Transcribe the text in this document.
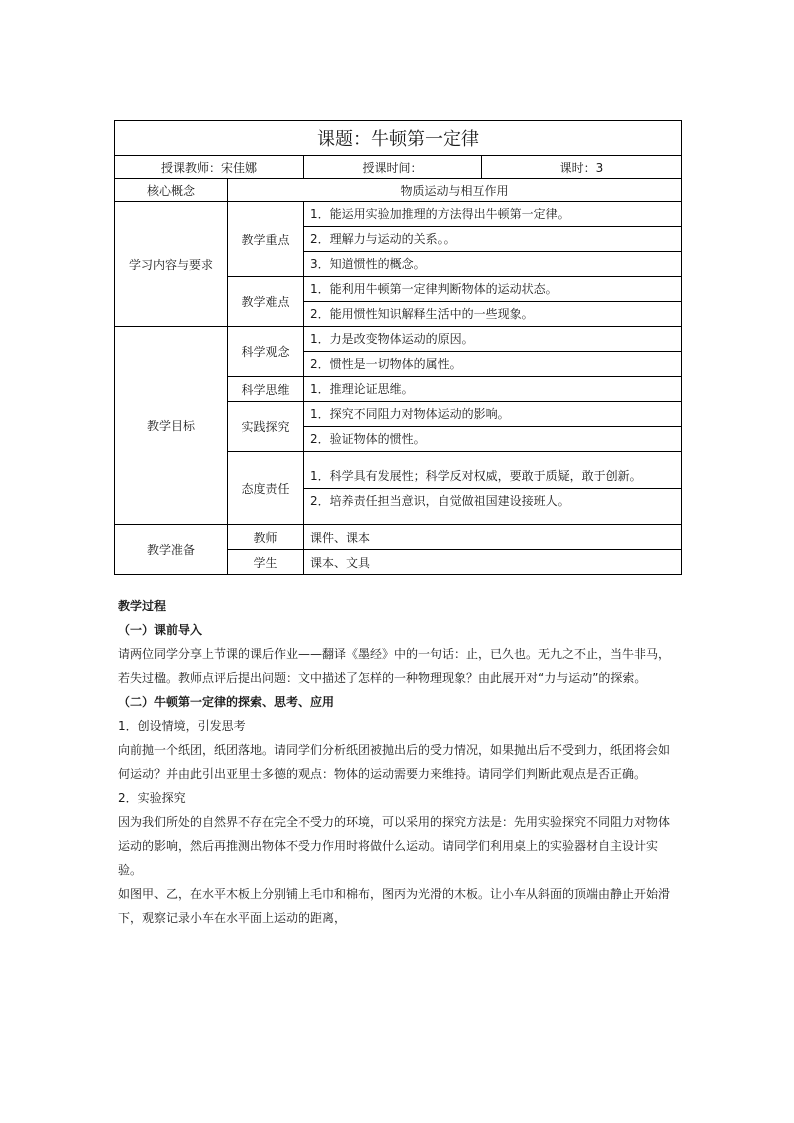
课题：牛顿第一定律			
授课教师：宋佳娜		授课时间：	课时：3
核心概念	物质运动与相互作用		
学习内容与要求	教学重点	1．能运用实验加推理的方法得出牛顿第一定律。
2．理解力与运动的关系。。
3．知道惯性的概念。	

	教学难点	1．能利用牛顿第一定律判断物体的运动状态。
2．能用惯性知识解释生活中的一些现象。	

教学目标	科学观念	1．力是改变物体运动的原因。
2．惯性是一切物体的属性。	

	科学思维	1．推理论证思维。	

	实践探究	1．探究不同阻力对物体运动的影响。
2．验证物体的惯性。	

	态度责任	1．科学具有发展性；科学反对权威，要敢于质疑，敢于创新。
2．培养责任担当意识，自觉做祖国建设接班人。	

教学准备	教师	课件、课本	
	学生	课本、文具	

教学过程

（一）课前导入

请两位同学分享上节课的课后作业——翻译《墨经》中的一句话：止，已久也。无九之不止，当牛非马，若失过楹。教师点评后提出问题：文中描述了怎样的一种物理现象？由此展开对“力与运动”的探索。

（二）牛顿第一定律的探索、思考、应用

1．创设情境，引发思考

向前抛一个纸团，纸团落地。请同学们分析纸团被抛出后的受力情况，如果抛出后不受到力，纸团将会如何运动？并由此引出亚里士多德的观点：物体的运动需要力来维持。请同学们判断此观点是否正确。

2．实验探究

因为我们所处的自然界不存在完全不受力的环境，可以采用的探究方法是：先用实验探究不同阻力对物体运动的影响，然后再推测出物体不受力作用时将做什么运动。请同学们利用桌上的实验器材自主设计实验。

如图甲、乙，在水平木板上分别铺上毛巾和棉布，图丙为光滑的木板。让小车从斜面的顶端由静止开始滑下，观察记录小车在水平面上运动的距离，
